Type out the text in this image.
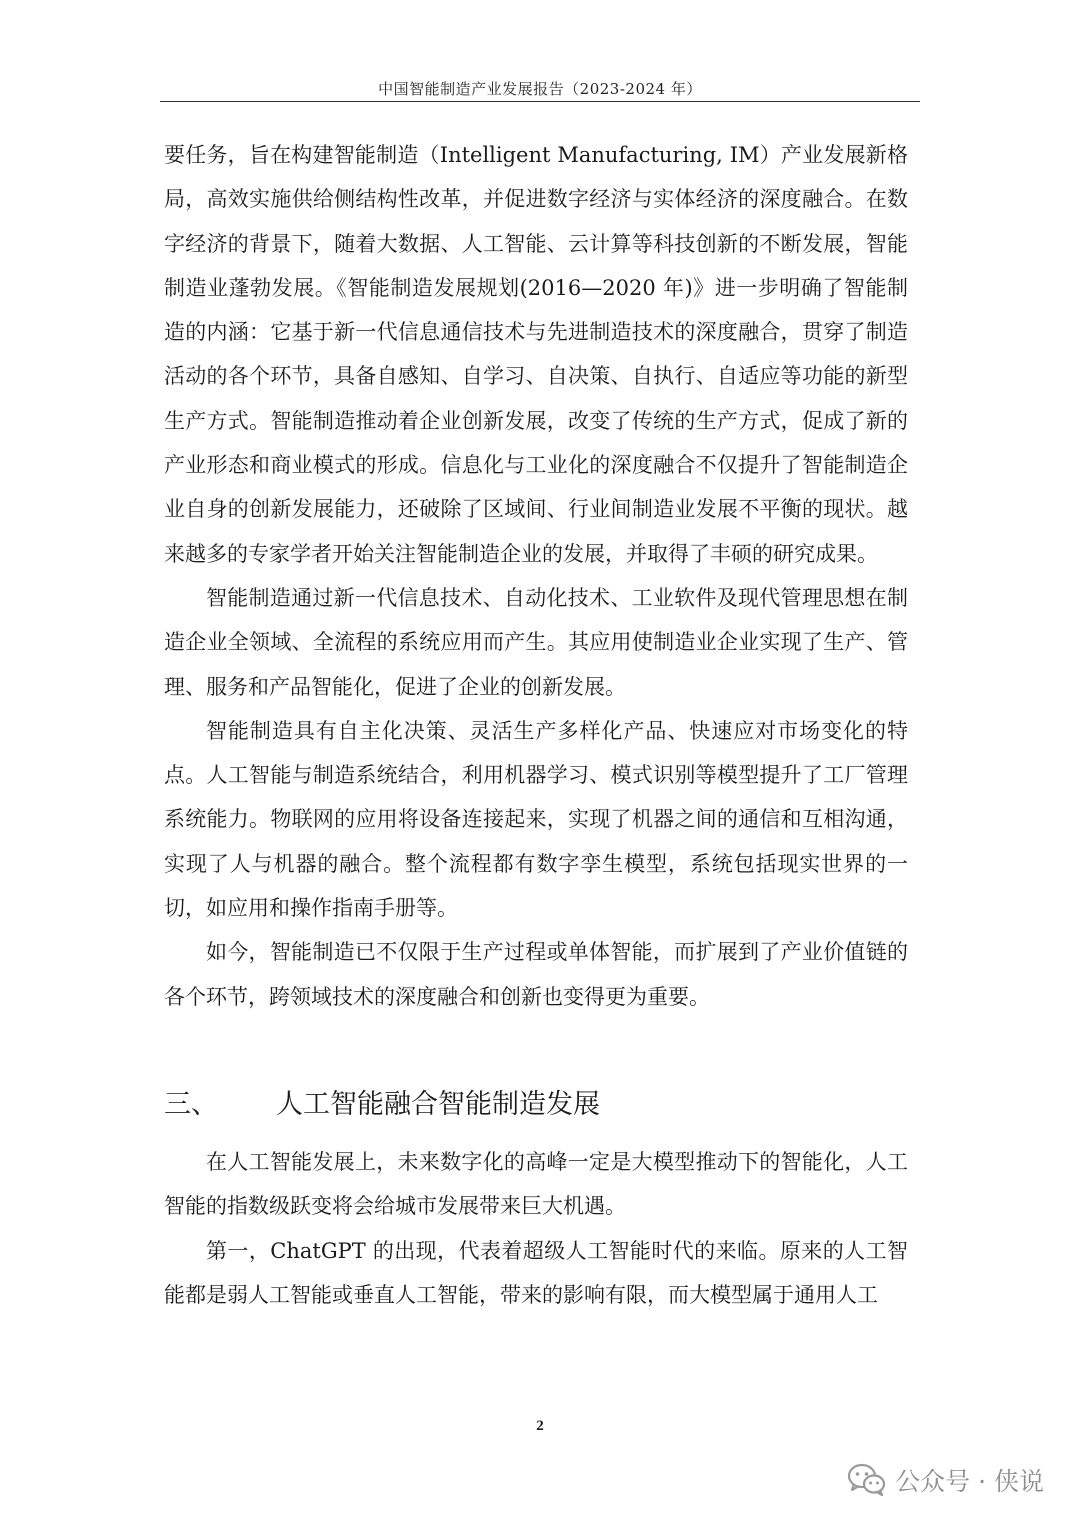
中国智能制造产业发展报告（2023-2024 年）

要任务，旨在构建智能制造（Intelligent Manufacturing, IM）产业发展新格局，高效实施供给侧结构性改革，并促进数字经济与实体经济的深度融合。在数字经济的背景下，随着大数据、人工智能、云计算等科技创新的不断发展，智能制造业蓬勃发展。《智能制造发展规划(2016—2020 年)》进一步明确了智能制造的内涵：它基于新一代信息通信技术与先进制造技术的深度融合，贯穿了制造活动的各个环节，具备自感知、自学习、自决策、自执行、自适应等功能的新型生产方式。智能制造推动着企业创新发展，改变了传统的生产方式，促成了新的产业形态和商业模式的形成。信息化与工业化的深度融合不仅提升了智能制造企业自身的创新发展能力，还破除了区域间、行业间制造业发展不平衡的现状。越来越多的专家学者开始关注智能制造企业的发展，并取得了丰硕的研究成果。

智能制造通过新一代信息技术、自动化技术、工业软件及现代管理思想在制造企业全领域、全流程的系统应用而产生。其应用使制造业企业实现了生产、管理、服务和产品智能化，促进了企业的创新发展。

智能制造具有自主化决策、灵活生产多样化产品、快速应对市场变化的特点。人工智能与制造系统结合，利用机器学习、模式识别等模型提升了工厂管理系统能力。物联网的应用将设备连接起来，实现了机器之间的通信和互相沟通，实现了人与机器的融合。整个流程都有数字孪生模型，系统包括现实世界的一切，如应用和操作指南手册等。

如今，智能制造已不仅限于生产过程或单体智能，而扩展到了产业价值链的各个环节，跨领域技术的深度融合和创新也变得更为重要。

三、 人工智能融合智能制造发展

在人工智能发展上，未来数字化的高峰一定是大模型推动下的智能化，人工智能的指数级跃变将会给城市发展带来巨大机遇。

第一，ChatGPT 的出现，代表着超级人工智能时代的来临。原来的人工智能都是弱人工智能或垂直人工智能，带来的影响有限，而大模型属于通用人工

2
公众号 · 侠说
